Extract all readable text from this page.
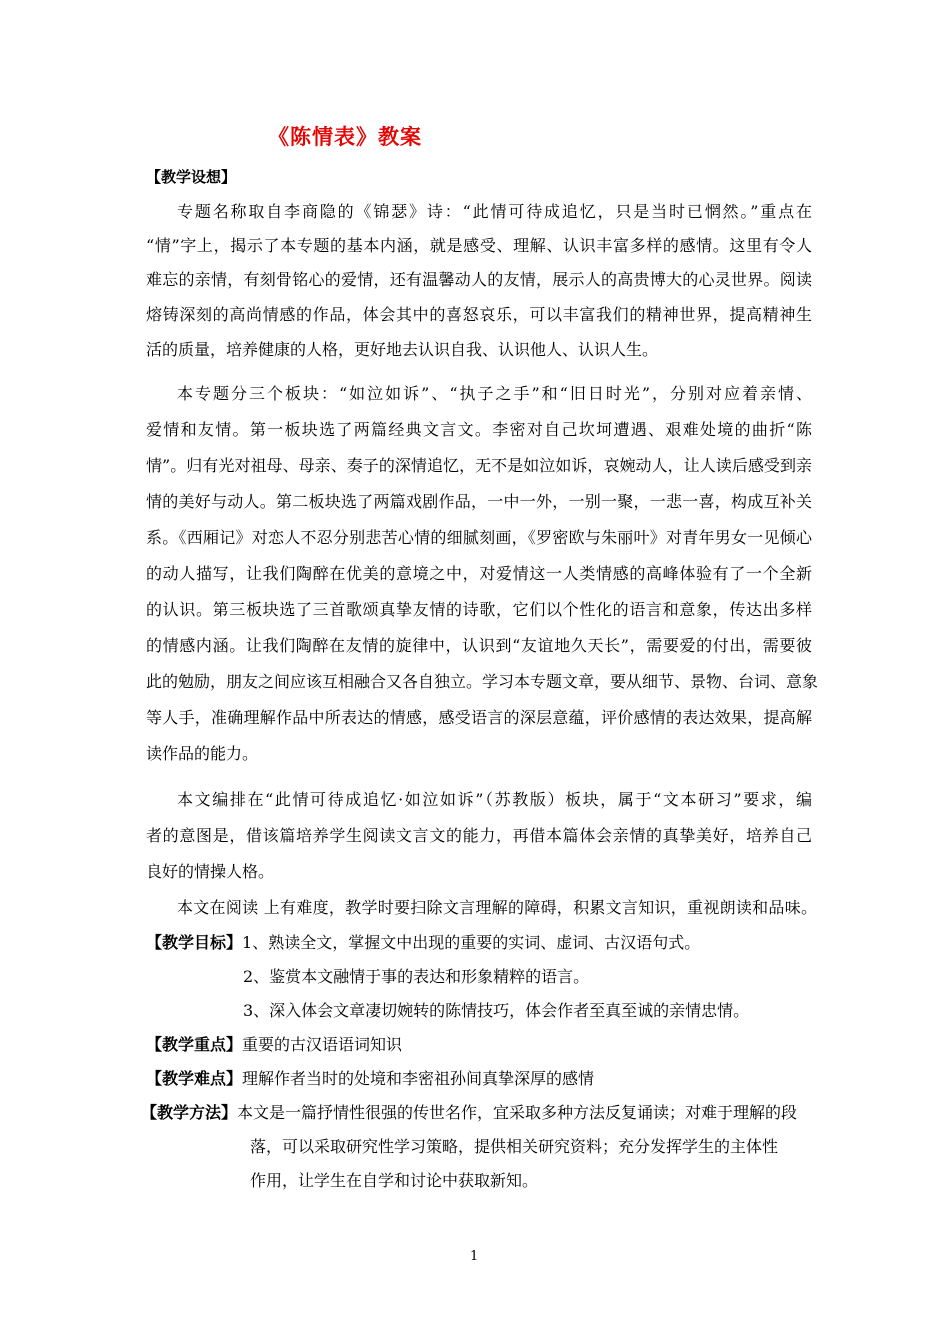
《陈情表》教案
【教学设想】
专题名称取自李商隐的《锦瑟》诗：“此情可待成追忆，只是当时已惘然。”重点在
“情”字上，揭示了本专题的基本内涵，就是感受、理解、认识丰富多样的感情。这里有令人
难忘的亲情，有刻骨铭心的爱情，还有温馨动人的友情，展示人的高贵博大的心灵世界。阅读
熔铸深刻的高尚情感的作品，体会其中的喜怒哀乐，可以丰富我们的精神世界，提高精神生
活的质量，培养健康的人格，更好地去认识自我、认识他人、认识人生。
本专题分三个板块：“如泣如诉”、“执子之手”和“旧日时光”，分别对应着亲情、
爱情和友情。第一板块选了两篇经典文言文。李密对自己坎坷遭遇、艰难处境的曲折“陈
情”。归有光对祖母、母亲、奏子的深情追忆，无不是如泣如诉，哀婉动人，让人读后感受到亲
情的美好与动人。第二板块选了两篇戏剧作品，一中一外，一别一聚，一悲一喜，构成互补关
系。《西厢记》对恋人不忍分别悲苦心情的细腻刻画，《罗密欧与朱丽叶》对青年男女一见倾心
的动人描写，让我们陶醉在优美的意境之中，对爱情这一人类情感的高峰体验有了一个全新
的认识。第三板块选了三首歌颂真挚友情的诗歌，它们以个性化的语言和意象，传达出多样
的情感内涵。让我们陶醉在友情的旋律中，认识到“友谊地久天长”，需要爱的付出，需要彼
此的勉励，朋友之间应该互相融合又各自独立。学习本专题文章，要从细节、景物、台词、意象
等人手，准确理解作品中所表达的情感，感受语言的深层意蕴，评价感情的表达效果，提高解
读作品的能力。
本文编排在“此情可待成追忆·如泣如诉”（苏教版）板块，属于“文本研习”要求，编
者的意图是，借该篇培养学生阅读文言文的能力，再借本篇体会亲情的真挚美好，培养自己
良好的情操人格。
本文在阅读 上有难度，教学时要扫除文言理解的障碍，积累文言知识，重视朗读和品味。
【教学目标】1、熟读全文，掌握文中出现的重要的实词、虚词、古汉语句式。
2、鉴赏本文融情于事的表达和形象精粹的语言。
3、深入体会文章凄切婉转的陈情技巧，体会作者至真至诚的亲情忠情。
【教学重点】重要的古汉语语词知识
【教学难点】理解作者当时的处境和李密祖孙间真挚深厚的感情
【教学方法】本文是一篇抒情性很强的传世名作，宜采取多种方法反复诵读；对难于理解的段
落，可以采取研究性学习策略，提供相关研究资料；充分发挥学生的主体性
作用，让学生在自学和讨论中获取新知。
1
